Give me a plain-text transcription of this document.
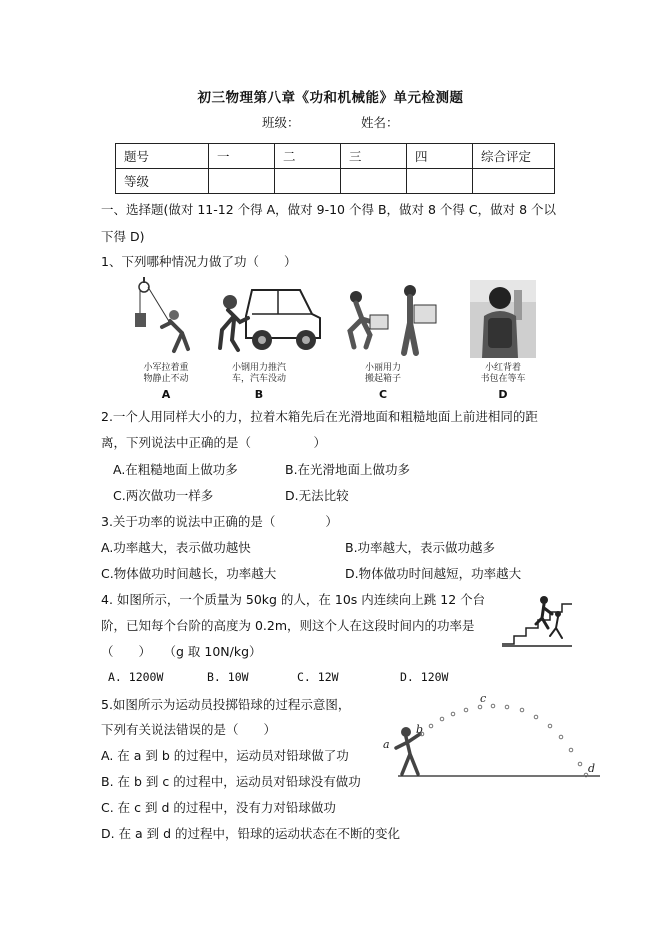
初三物理第八章《功和机械能》单元检测题
班级：	姓名：
题号	一	二	三	四	综合评定
等级					
一、选择题(做对 11-12 个得 A，做对 9-10 个得 B，做对 8 个得 C，做对 8 个以
下得 D)
1、下列哪种情况力做了功（　　）
小军拉着重
物静止不动
A
小钢用力推汽
车，汽车没动
B
小丽用力
搬起箱子
C
小红背着
书包在等车
D
2.一个人用同样大小的力，拉着木箱先后在光滑地面和粗糙地面上前进相同的距
离，下列说法中正确的是（　　　　　）
A.在粗糙地面上做功多	B.在光滑地面上做功多
C.两次做功一样多	D.无法比较
3.关于功率的说法中正确的是（　　　　）
A.功率越大，表示做功越快	B.功率越大，表示做功越多
C.物体做功时间越长，功率越大	D.物体做功时间越短，功率越大
4. 如图所示，一个质量为 50kg 的人，在 10s 内连续向上跳 12 个台
阶，已知每个台阶的高度为 0.2m，则这个人在这段时间内的功率是
（　　）　　（g 取 10N/kg）
A. 1200W	B. 10W	C. 12W	D. 120W
5.如图所示为运动员投掷铅球的过程示意图，
下列有关说法错误的是（　　）
A. 在 a 到 b 的过程中，运动员对铅球做了功
B. 在 b 到 c 的过程中，运动员对铅球没有做功
C. 在 c 到 d 的过程中，没有力对铅球做功
D. 在 a 到 d 的过程中，铅球的运动状态在不断的变化
a
b
c
d
